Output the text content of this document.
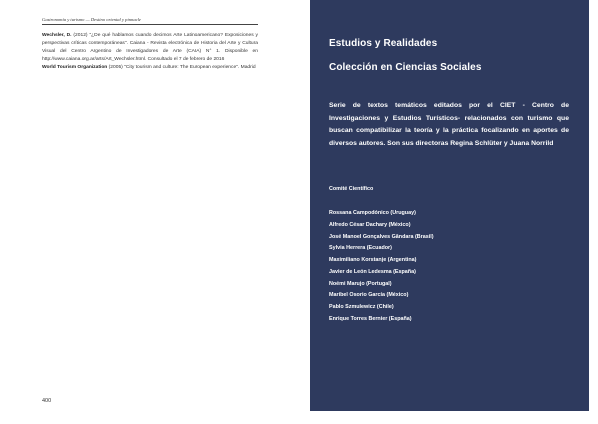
Gastronomía y turismo — Destino oriental y pinnacle

Wechsler, D. (2012) "¿De qué hablamos cuando decimos Arte Latinoamericano? Exposiciones y perspectivas críticas contemporáneas". Caiana - Revista electrónica de Historia del Arte y Cultura Visual del Centro Argentino de Investigadores de Arte (CAIA) N° 1. Disponible en http://www.caiana.org.ar/arts/Art_Wechsler.html. Consultado el 7 de febrero de 2016

World Tourism Organization (2005) "City tourism and culture: The European experience". Madrid

400
Estudios y Realidades
Colección en Ciencias Sociales
Serie de textos temáticos editados por el CIET - Centro de Investigaciones y Estudios Turísticos- relacionados con turismo que buscan compatibilizar la teoría y la práctica focalizando en aportes de diversos autores. Son sus directoras Regina Schlüter y Juana Norrild
Comité Científico
Rossana Campodónico (Uruguay)
Alfredo César Dachary (México)
José Manoel Gonçalves Gândara (Brasil)
Sylvia Herrera (Ecuador)
Maximiliano Korstanje (Argentina)
Javier de León Ledesma (España)
Noémi Marujo (Portugal)
Maribel Osorio García (México)
Pablo Szmulewicz (Chile)
Enrique Torres Bernier (España)
